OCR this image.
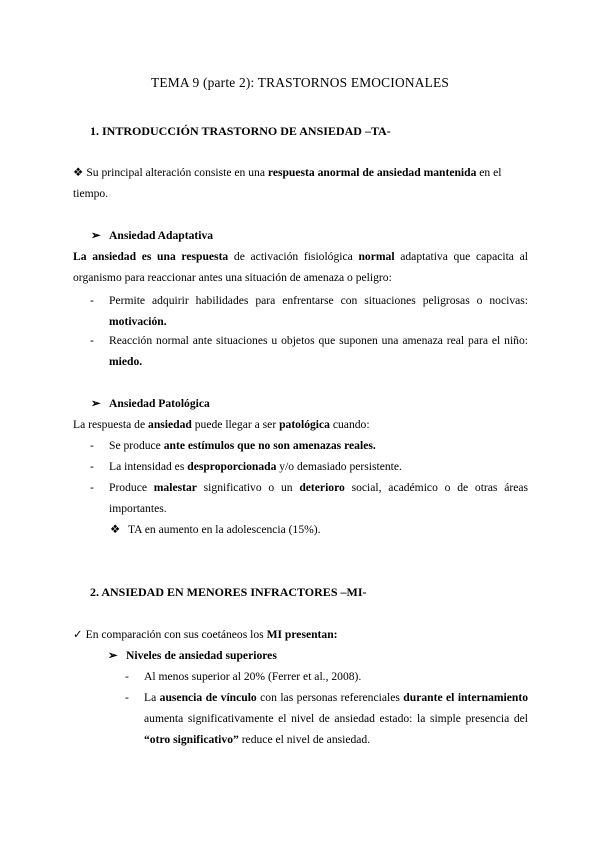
TEMA 9 (parte 2): TRASTORNOS EMOCIONALES
1. INTRODUCCIÓN TRASTORNO DE ANSIEDAD –TA-
❖ Su principal alteración consiste en una respuesta anormal de ansiedad mantenida en el tiempo.
➢ Ansiedad Adaptativa
La ansiedad es una respuesta de activación fisiológica normal adaptativa que capacita al organismo para reaccionar antes una situación de amenaza o peligro:
- Permite adquirir habilidades para enfrentarse con situaciones peligrosas o nocivas: motivación.
- Reacción normal ante situaciones u objetos que suponen una amenaza real para el niño: miedo.
➢ Ansiedad Patológica
La respuesta de ansiedad puede llegar a ser patológica cuando:
- Se produce ante estímulos que no son amenazas reales.
- La intensidad es desproporcionada y/o demasiado persistente.
- Produce malestar significativo o un deterioro social, académico o de otras áreas importantes.
❖ TA en aumento en la adolescencia (15%).
2. ANSIEDAD EN MENORES INFRACTORES –MI-
✓ En comparación con sus coetáneos los MI presentan:
➢ Niveles de ansiedad superiores
- Al menos superior al 20% (Ferrer et al., 2008).
- La ausencia de vínculo con las personas referenciales durante el internamiento aumenta significativamente el nivel de ansiedad estado: la simple presencia del “otro significativo” reduce el nivel de ansiedad.
